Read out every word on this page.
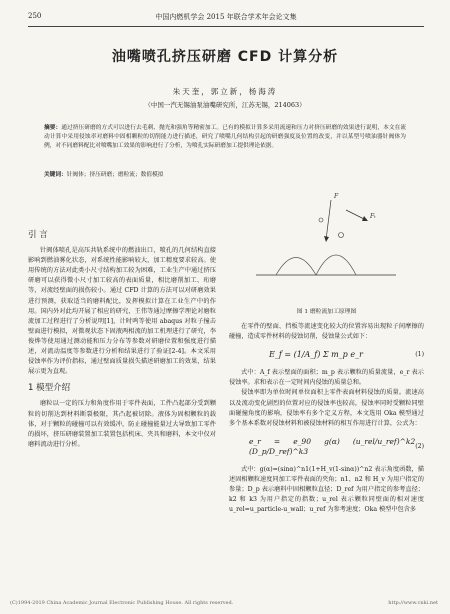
250	中国内燃机学会 2015 年联合学术年会论文集
油嘴喷孔挤压研磨 CFD 计算分析
朱天奎，郭立新，杨海涛
（中国一汽无锡油泵油嘴研究所，江苏无锡，214063）
摘要：通过挤压研磨的方式可以进行去毛刺、抛光和强角等精密加工。已有的模拟计算多采用流速和压力对挤压研磨的效果进行说明，本文在流动计算中采用侵蚀率对磨料中固相颗粒的切削能力进行描述，研究了喷嘴几何结构引起的研磨强度及位置的改变，并以某型号喷油器针阀体为例，对不同磨料配比对喷嘴加工效果的影响进行了分析，为喷孔实际研磨加工提供理论依据。
关键词：针阀体；挤压研磨；磨粒流；数值模拟
引 言

针阀体喷孔是高压共轨系统中的燃油出口，喷孔的几何结构直接影响到燃油雾化状态，对系统性能影响较大，加工精度要求较高。使用传统的方法对此类小尺寸结构加工较为困难，工业生产中通过挤压研磨可以获得微小尺寸加工较高的表面质量，相比磨削加工、珩磨等，对流经壁面的损伤较小。通过 CFD 计算的方法可以对研磨效果进行预测，获取适当的磨料配比，发挥模拟计算在工业生产中的作用。国内外对此均开展了相应的研究，王伟等通过摩擦学理论对磨粒流加工过程进行了分析说明[1]，计时鸣等使用 abaqus 对粒子撞击壁面进行模拟，对微观状态下固液两相流的加工机理进行了研究，李俊烨等使用通过测动能和压力分布等参数对研磨位置和强度进行描述，对流动温度等参数进行分析和结果进行了验证[2-4]。本文采用侵蚀率作为评价指标，通过壁面质量损失描述研磨加工的效果，结果展示更为直观。

1 模型介绍

磨粒以一定的压力和角度作用于零件表面，工件凸起部分受到颗粒的切削达到材料断裂极限，其凸起被切除。液体为固相颗粒的载体，对于颗粒的碰撞可以有效缓冲，防止碰撞能量过大导致加工零件的损坏，挤压研磨装置加工装置包括机床、夹具和磨料，本文中仅对磨料流动进行分析。

F
Fₜ
图 1 磨粒流加工原理图

在零件的壁面、挡板等流速变化较大的位置容易出现粒子间摩擦的碰撞，造成零件材料的侵蚀切削，侵蚀量公式如下：

E_f = (1/A_f) Σ m_p e_r	(1)

式中：A_f 表示壁面的面积；m_p 表示颗粒的质量流量，e_r 表示侵蚀率。求和表示在一定时间内侵蚀的质量总和。

侵蚀率即为单位时间单位面积上零件表面材料侵蚀的质量。流速高以及流动变化剧烈的位置对应的侵蚀率也较高，侵蚀率同时受颗粒同壁面碰撞角度的影响，侵蚀率有多个定义方程，本文选用 Oka 模型通过多个基本系数对侵蚀材料和被侵蚀材料的相互作用进行计算，公式为：

e_r = e_90 g(α) (u_rel/u_ref)^k2 (D_p/D_ref)^k3
(2)

式中：g(α)=(sinα)^n1(1+H_v(1-sinα))^n2 表示角度函数，描述固相颗粒速度同加工零件表面的夹角；n1、n2 和 H_v 为用户指定的参量；D_p 表示磨料中固相颗粒直径；D_ref 为用户指定的参考直径；k2 和 k3 为用户指定的指数；u_rel 表示颗粒同壁面的相对速度 u_rel=u_particle-u_wall；u_ref 为参考速度；Oka 模型中包含多

(C)1994-2019 China Academic Journal Electronic Publishing House. All rights reserved.	http://www.cnki.net
